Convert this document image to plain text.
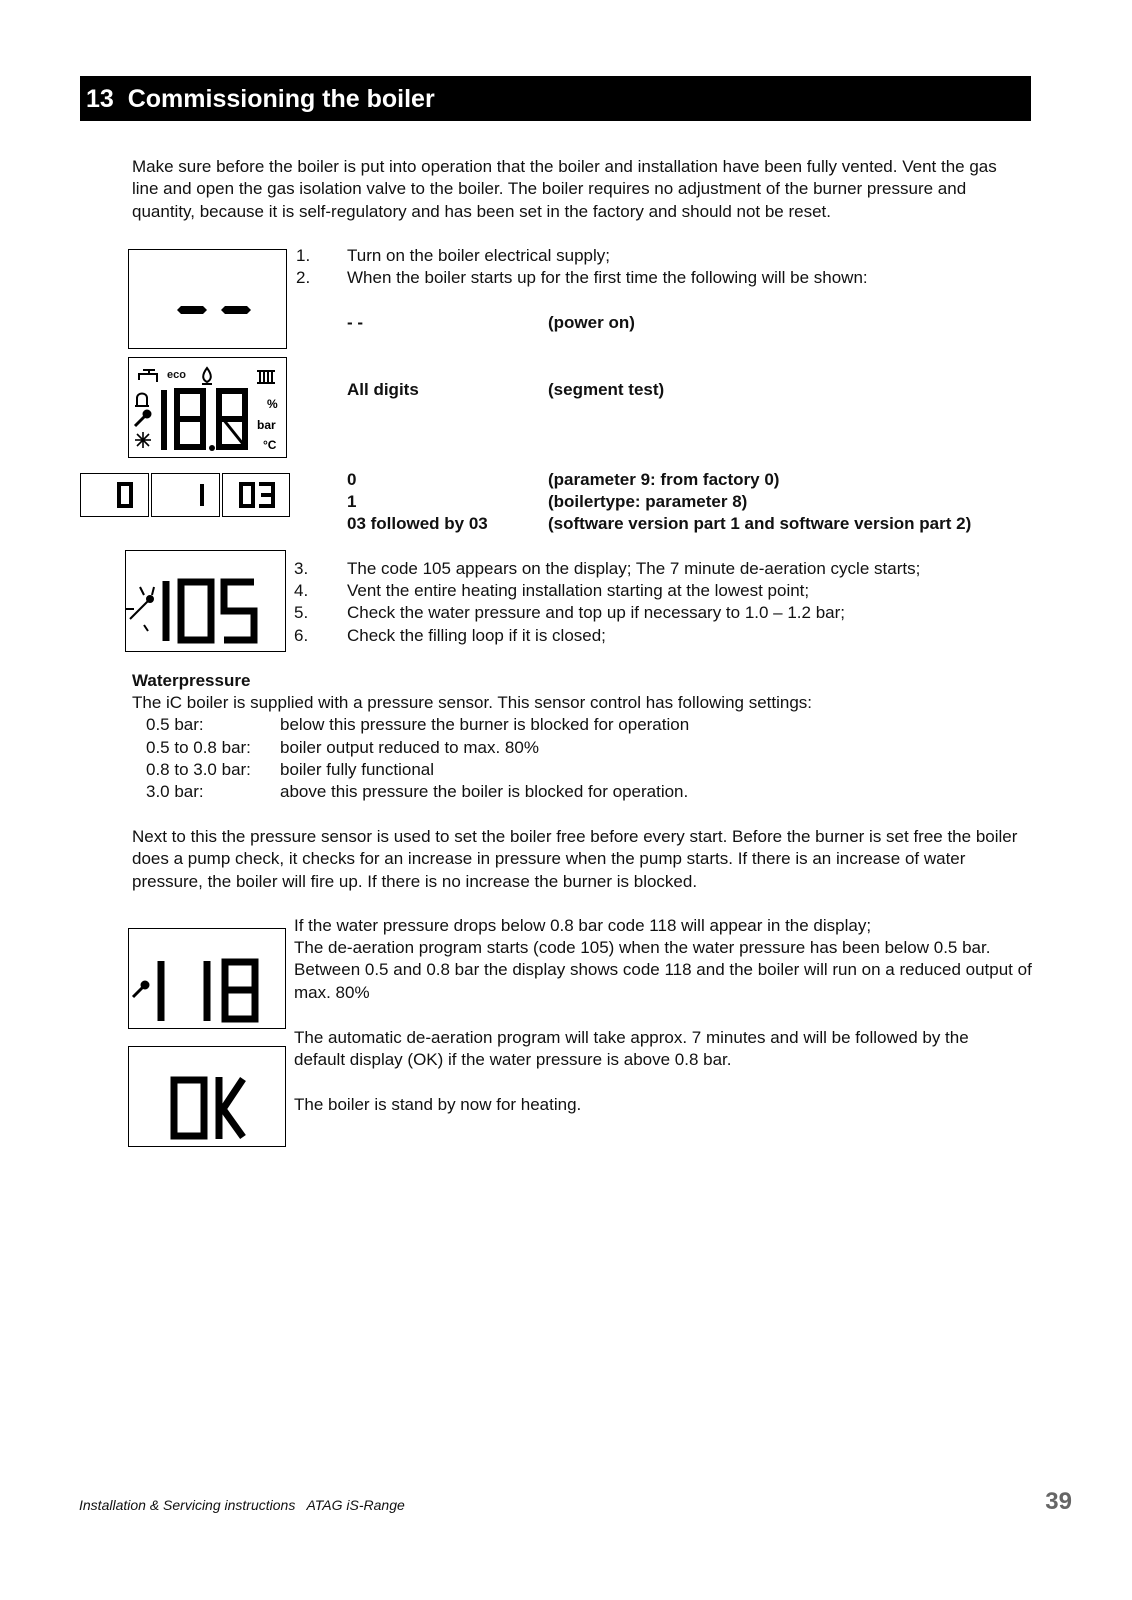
13 Commissioning the boiler
Make sure before the boiler is put into operation that the boiler and installation have been fully vented. Vent the gas line and open the gas isolation valve to the boiler. The boiler requires no adjustment of the burner pressure and quantity, because it is self-regulatory and has been set in the factory and should not be reset.
%
bar
°C
eco
1. Turn on the boiler electrical supply;
2. When the boiler starts up for the first time the following will be shown:
- -	(power on)
All digits	(segment test)
0	(parameter 9: from factory 0)
1	(boilertype: parameter 8)
03 followed by 03	(software version part 1 and software version part 2)
3. The code 105 appears on the display; The 7 minute de-aeration cycle starts;
4. Vent the entire heating installation starting at the lowest point;
5. Check the water pressure and top up if necessary to 1.0 – 1.2 bar;
6. Check the filling loop if it is closed;
Waterpressure
The iC boiler is supplied with a pressure sensor. This sensor control has following settings:
0.5 bar:	below this pressure the burner is blocked for operation
0.5 to 0.8 bar: boiler output reduced to max. 80%
0.8 to 3.0 bar: boiler fully functional
3.0 bar:	above this pressure the boiler is blocked for operation.
Next to this the pressure sensor is used to set the boiler free before every start. Before the burner is set free the boiler does a pump check, it checks for an increase in pressure when the pump starts. If there is an increase of water pressure, the boiler will fire up. If there is no increase the burner is blocked.
If the water pressure drops below 0.8 bar code 118 will appear in the display;
The de-aeration program starts (code 105) when the water pressure has been below 0.5 bar. Between 0.5 and 0.8 bar the display shows code 118 and the boiler will run on a reduced output of max. 80%
The automatic de-aeration program will take approx. 7 minutes and will be followed by the default display (OK) if the water pressure is above 0.8 bar.
The boiler is stand by now for heating.
Installation & Servicing instructions   ATAG iS-Range	39
